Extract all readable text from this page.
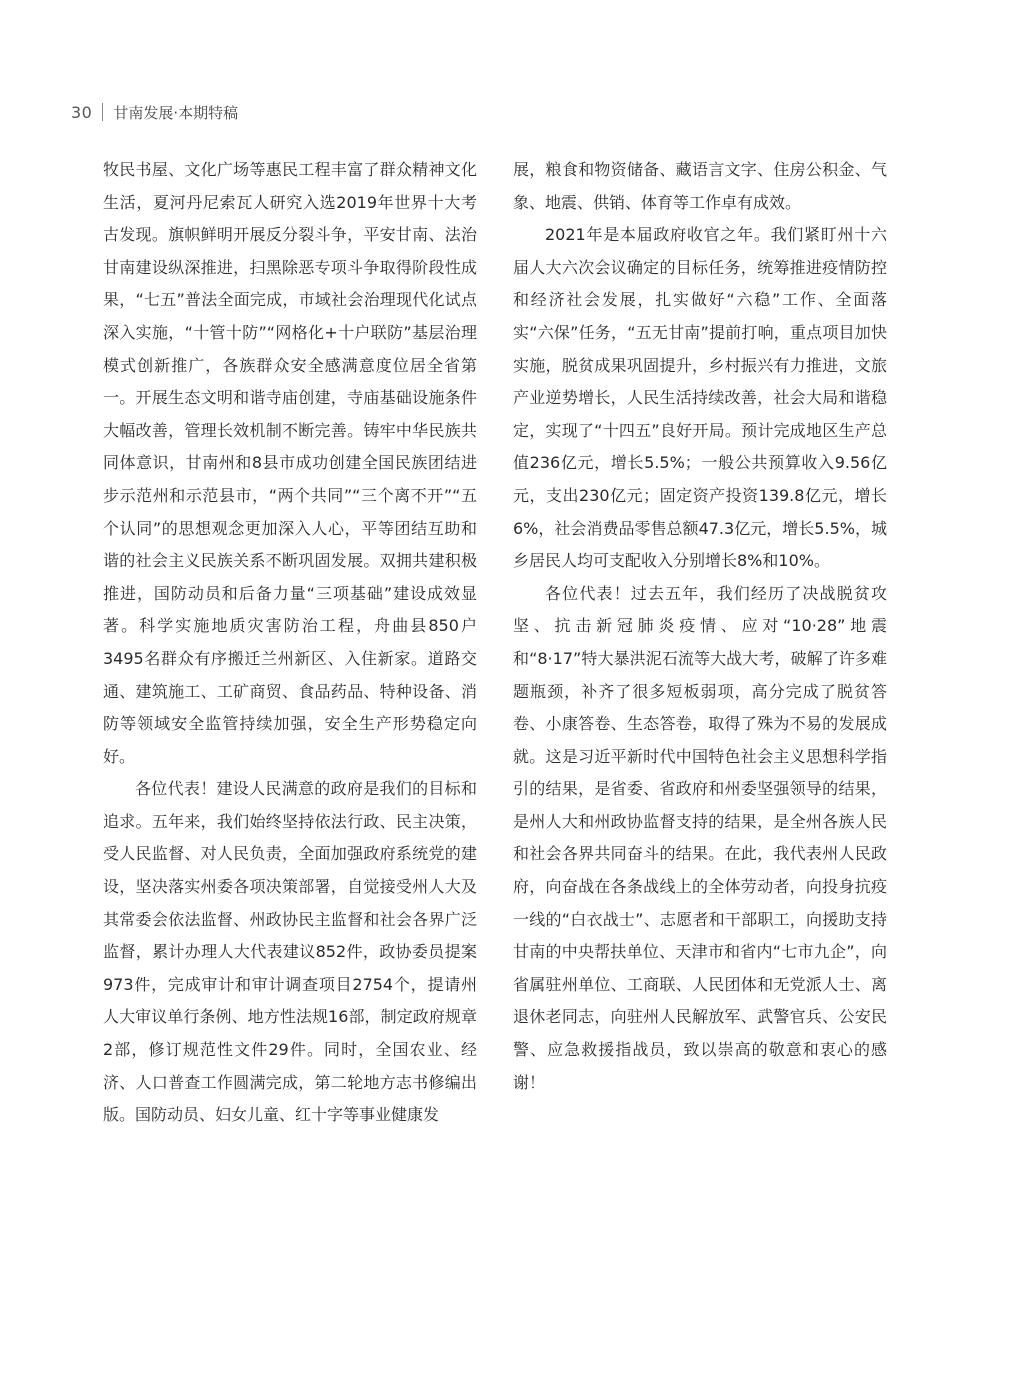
30 甘南发展·本期特稿

牧民书屋、文化广场等惠民工程丰富了群众精神文化生活，夏河丹尼索瓦人研究入选2019年世界十大考古发现。旗帜鲜明开展反分裂斗争，平安甘南、法治甘南建设纵深推进，扫黑除恶专项斗争取得阶段性成果，“七五”普法全面完成，市域社会治理现代化试点深入实施，“十管十防”“网格化+十户联防”基层治理模式创新推广，各族群众安全感满意度位居全省第一。开展生态文明和谐寺庙创建，寺庙基础设施条件大幅改善，管理长效机制不断完善。铸牢中华民族共同体意识，甘南州和8县市成功创建全国民族团结进步示范州和示范县市，“两个共同”“三个离不开”“五个认同”的思想观念更加深入人心，平等团结互助和谐的社会主义民族关系不断巩固发展。双拥共建积极推进，国防动员和后备力量“三项基础”建设成效显著。科学实施地质灾害防治工程，舟曲县850户3495名群众有序搬迁兰州新区、入住新家。道路交通、建筑施工、工矿商贸、食品药品、特种设备、消防等领域安全监管持续加强，安全生产形势稳定向好。

各位代表！建设人民满意的政府是我们的目标和追求。五年来，我们始终坚持依法行政、民主决策，受人民监督、对人民负责，全面加强政府系统党的建设，坚决落实州委各项决策部署，自觉接受州人大及其常委会依法监督、州政协民主监督和社会各界广泛监督，累计办理人大代表建议852件，政协委员提案973件，完成审计和审计调查项目2754个，提请州人大审议单行条例、地方性法规16部，制定政府规章2部，修订规范性文件29件。同时，全国农业、经济、人口普查工作圆满完成，第二轮地方志书修编出版。国防动员、妇女儿童、红十字等事业健康发

展，粮食和物资储备、藏语言文字、住房公积金、气象、地震、供销、体育等工作卓有成效。

2021年是本届政府收官之年。我们紧盯州十六届人大六次会议确定的目标任务，统筹推进疫情防控和经济社会发展，扎实做好“六稳”工作、全面落实“六保”任务，“五无甘南”提前打响，重点项目加快实施，脱贫成果巩固提升，乡村振兴有力推进，文旅产业逆势增长，人民生活持续改善，社会大局和谐稳定，实现了“十四五”良好开局。预计完成地区生产总值236亿元，增长5.5%；一般公共预算收入9.56亿元，支出230亿元；固定资产投资139.8亿元，增长6%，社会消费品零售总额47.3亿元，增长5.5%，城乡居民人均可支配收入分别增长8%和10%。

各位代表！过去五年，我们经历了决战脱贫攻坚、抗击新冠肺炎疫情、应对“10·28”地震和“8·17”特大暴洪泥石流等大战大考，破解了许多难题瓶颈，补齐了很多短板弱项，高分完成了脱贫答卷、小康答卷、生态答卷，取得了殊为不易的发展成就。这是习近平新时代中国特色社会主义思想科学指引的结果，是省委、省政府和州委坚强领导的结果，是州人大和州政协监督支持的结果，是全州各族人民和社会各界共同奋斗的结果。在此，我代表州人民政府，向奋战在各条战线上的全体劳动者，向投身抗疫一线的“白衣战士”、志愿者和干部职工，向援助支持甘南的中央帮扶单位、天津市和省内“七市九企”，向省属驻州单位、工商联、人民团体和无党派人士、离退休老同志，向驻州人民解放军、武警官兵、公安民警、应急救援指战员，致以崇高的敬意和衷心的感谢！
